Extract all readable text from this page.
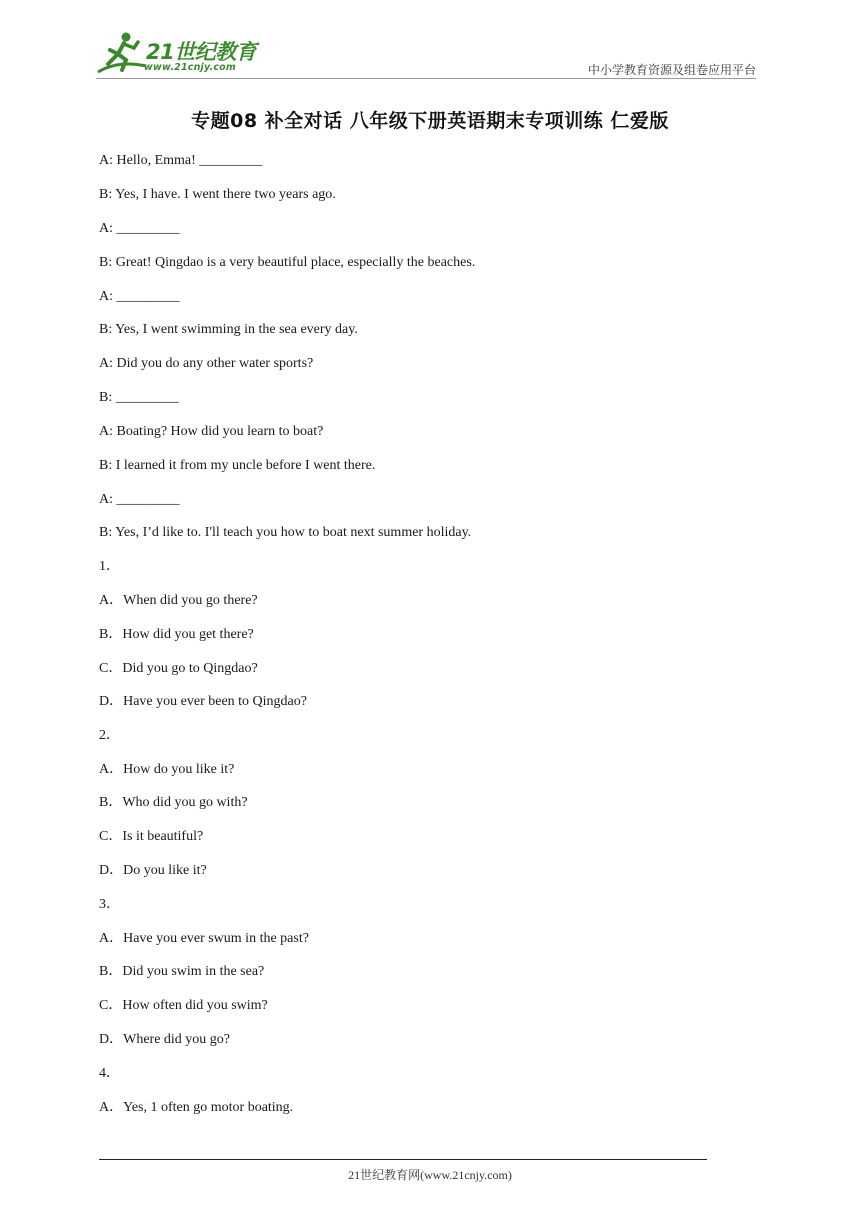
21世纪教育
www.21cnjy.com	中小学教育资源及组卷应用平台
专题08 补全对话 八年级下册英语期末专项训练 仁爱版
A: Hello, Emma! _________
B: Yes, I have. I went there two years ago.
A: _________
B: Great! Qingdao is a very beautiful place, especially the beaches.
A: _________
B: Yes, I went swimming in the sea every day.
A: Did you do any other water sports?
B: _________
A: Boating? How did you learn to boat?
B: I learned it from my uncle before I went there.
A: _________
B: Yes, I’d like to. I'll teach you how to boat next summer holiday.
1．
A．When did you go there?
B．How did you get there?
C．Did you go to Qingdao?
D．Have you ever been to Qingdao?
2．
A．How do you like it?
B．Who did you go with?
C．Is it beautiful?
D．Do you like it?
3．
A．Have you ever swum in the past?
B．Did you swim in the sea?
C．How often did you swim?
D．Where did you go?
4．
A．Yes, 1 often go motor boating.
21世纪教育网(www.21cnjy.com)
